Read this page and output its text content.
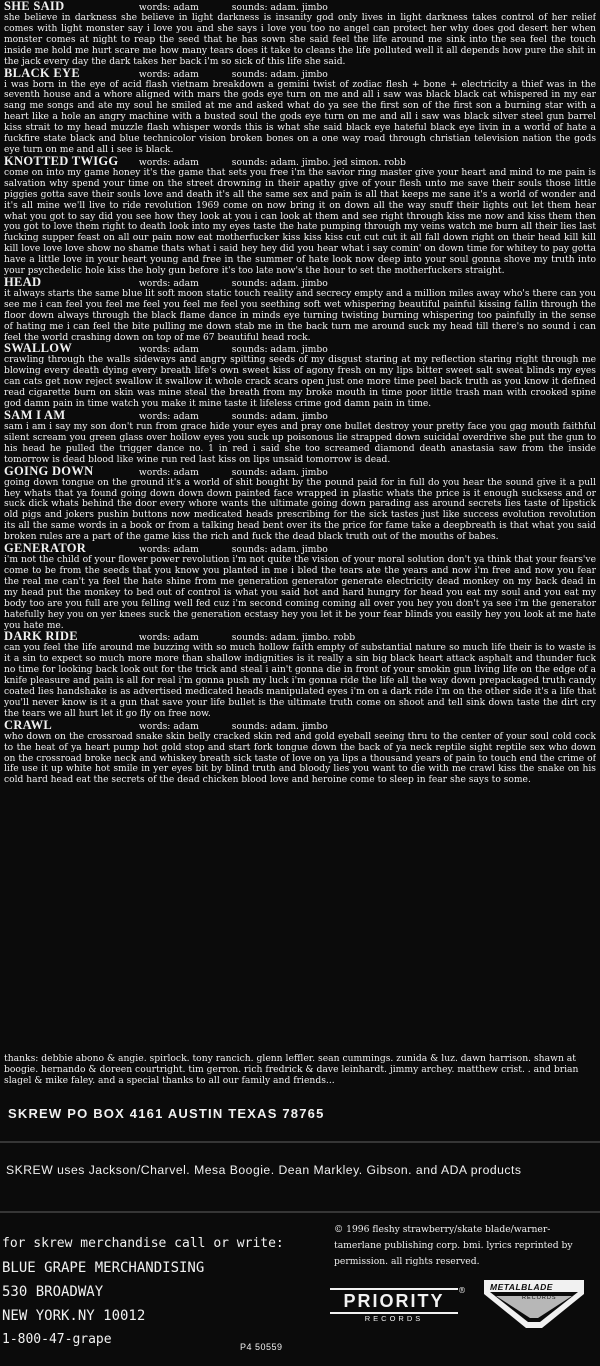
SHE SAID	words: adam	sounds: adam. jimbo

she believe in darkness she believe in light darkness is insanity god only lives in light darkness takes control of her relief comes with light monster say i love you and she says i love you too no angel can protect her why does god desert her when monster comes at night to reap the seed that he has sown she said feel the life around me sink into the sea feel the touch inside me hold me hurt scare me how many tears does it take to cleans the life polluted well it all depends how pure the shit in the jack every day the dark takes her back i'm so sick of this life she said.

BLACK EYE	words: adam	sounds: adam. jimbo

i was born in the eye of acid flash vietnam breakdown a gemini twist of zodiac flesh + bone + electricity a thief was in the seventh house and a whore aligned with mars the gods eye turn on me and all i saw was black black cat whispered in my ear sang me songs and ate my soul he smiled at me and asked what do ya see the first son of the first son a burning star with a heart like a hole an angry machine with a busted soul the gods eye turn on me and all i saw was black silver steel gun barrel kiss strait to my head muzzle flash whisper words this is what she said black eye hateful black eye livin in a world of hate a fuckfire state black and blue technicolor vision broken bones on a one way road through christian television nation the gods eye turn on me and all i see is black.

KNOTTED TWIGG words: adam	sounds: adam. jimbo. jed simon. robb

come on into my game honey it's the game that sets you free i'm the savior ring master give your heart and mind to me pain is salvation why spend your time on the street drowning in their apathy give of your flesh unto me save their souls those little piggies gotta save their souls love and death it's all the same sex and pain is all that keeps me sane it's a world of wonder and it's all mine we'll live to ride revolution 1969 come on now bring it on down all the way snuff their lights out let them hear what you got to say did you see how they look at you i can look at them and see right through kiss me now and kiss them then you got to love them right to death look into my eyes taste the hate pumping through my veins watch me burn all their lies last fucking supper feast on all our pain now eat motherfucker kiss kiss kiss cut cut cut it all fall down right on their head kill kill kill love love love show no shame thats what i said hey hey did you hear what i say comin' on down time for whitey to pay gotta have a little love in your heart young and free in the summer of hate look now deep into your soul gonna shove my truth into your psychedelic hole kiss the holy gun before it's too late now's the hour to set the motherfuckers straight.

HEAD	words: adam	sounds: adam. jimbo

it always starts the same blue lit soft moon static touch reality and secrecy empty and a million miles away who's there can you see me i can feel you feel me feel you feel me feel you seething soft wet whispering beautiful painful kissing fallin through the floor down always through the black flame dance in minds eye turning twisting burning whispering too painfully in the sense of hating me i can feel the bite pulling me down stab me in the back turn me around suck my head till there's no sound i can feel the world crashing down on top of me 67 beautiful head rock.

SWALLOW	words: adam	sounds: adam. jimbo

crawling through the walls sideways and angry spitting seeds of my disgust staring at my reflection staring right through me blowing every death dying every breath life's own sweet kiss of agony fresh on my lips bitter sweet salt sweat blinds my eyes can cats get now reject swallow it swallow it whole crack scars open just one more time peel back truth as you know it defined read cigarette burn on skin was mine steal the breath from my broke mouth in time poor little trash man with crooked spine god damn pain in time watch you make it mine taste it lifeless crime god damn pain in time.

SAM I AM	words: adam	sounds: adam. jimbo

sam i am i say my son don't run from grace hide your eyes and pray one bullet destroy your pretty face you gag mouth faithful silent scream you green glass over hollow eyes you suck up poisonous lie strapped down suicidal overdrive she put the gun to his head he pulled the trigger dance no. 1 in red i said she too screamed diamond death anastasia saw from the inside tomorrow is dead blood like wine run red last kiss on lips unsaid tomorrow is dead.

GOING DOWN	words: adam	sounds: adam. jimbo

going down tongue on the ground it's a world of shit bought by the pound paid for in full do you hear the sound give it a pull hey whats that ya found going down down down painted face wrapped in plastic whats the price is it enough sucksess and or suck dick whats behind the door every whore wants the ultimate going down parading ass around secrets lies taste of lipstick old pigs and jokers pushin buttons now medicated heads prescribing for the sick tastes just like success evolution revolution its all the same words in a book or from a talking head bent over its the price for fame take a deepbreath is that what you said broken rules are a part of the game kiss the rich and fuck the dead black truth out of the mouths of babes.

GENERATOR	words: adam	sounds: adam. jimbo

i'm not the child of your flower power revolution i'm not quite the vision of your moral solution don't ya think that your fears've come to be from the seeds that you know you planted in me i bled the tears ate the years and now i'm free and now you fear the real me can't ya feel the hate shine from me generation generator generate electricity dead monkey on my back dead in my head put the monkey to bed out of control is what you said hot and hard hungry for head you eat my soul and you eat my body too are you full are you felling well fed cuz i'm second coming coming all over you hey you don't ya see i'm the generator hatefully hey you on yer knees suck the generation ecstasy hey you let it be your fear blinds you easily hey you look at me hate you hate me.

DARK RIDE	words: adam	sounds: adam. jimbo. robb

can you feel the life around me buzzing with so much hollow faith empty of substantial nature so much life their is to waste is it a sin to expect so much more more than shallow indignities is it really a sin big black heart attack asphalt and thunder fuck no time for looking back look out for the trick and steal i ain't gonna die in front of your smokin gun living life on the edge of a knife pleasure and pain is all for real i'm gonna push my luck i'm gonna ride the life all the way down prepackaged truth candy coated lies handshake is as advertised medicated heads manipulated eyes i'm on a dark ride i'm on the other side it's a life that you'll never know is it a gun that save your life bullet is the ultimate truth come on shoot and tell sink down taste the dirt cry the tears we all hurt let it go fly on free now.

CRAWL	words: adam	sounds: adam. jimbo

who down on the crossroad snake skin belly cracked skin red and gold eyeball seeing thru to the center of your soul cold cock to the heat of ya heart pump hot gold stop and start fork tongue down the back of ya neck reptile sight reptile sex who down on the crossroad broke neck and whiskey breath sick taste of love on ya lips a thousand years of pain to touch end the crime of life use it up white hot smile in yer eyes bit by blind truth and bloody lies you want to die with me crawl kiss the snake on his cold hard head eat the secrets of the dead chicken blood love and heroine come to sleep in fear she says to some.

thanks: debbie abono & angie. spirlock. tony rancich. glenn leffler. sean cummings. zunida & luz. dawn harrison. shawn at boogie. hernando & doreen courtright. tim gerron. rich fredrick & dave leinhardt. jimmy archey. matthew crist. . and brian slagel & mike faley. and a special thanks to all our family and friends...

SKREW PO BOX 4161 AUSTIN TEXAS 78765

SKREW uses Jackson/Charvel. Mesa Boogie. Dean Markley. Gibson. and ADA products

for skrew merchandise call or write:

BLUE GRAPE MERCHANDISING

530 BROADWAY

NEW YORK.NY 10012

1-800-47-grape

© 1996 fleshy strawberry/skate blade/warner-tamerlane publishing corp. bmi. lyrics reprinted by permission. all rights reserved.

PRIORITY
®
RECORDS
METALBLADE
RECORDS

P4 50559
